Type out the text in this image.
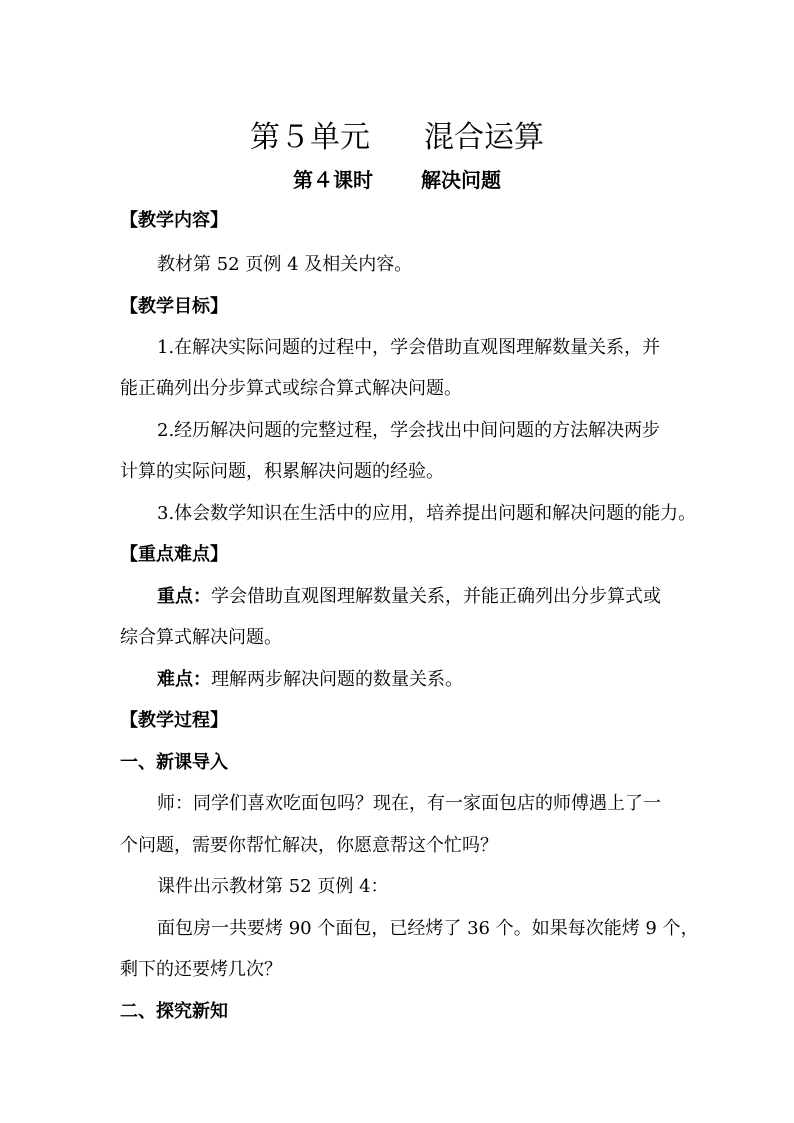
第５单元 混合运算
第４课时 解决问题
【教学内容】
教材第 52 页例 4 及相关内容。
【教学目标】
1.在解决实际问题的过程中，学会借助直观图理解数量关系，并
能正确列出分步算式或综合算式解决问题。
2.经历解决问题的完整过程，学会找出中间问题的方法解决两步
计算的实际问题，积累解决问题的经验。
3.体会数学知识在生活中的应用，培养提出问题和解决问题的能力。
【重点难点】
重点：学会借助直观图理解数量关系，并能正确列出分步算式或
综合算式解决问题。
难点：理解两步解决问题的数量关系。
【教学过程】
一、新课导入
师：同学们喜欢吃面包吗？现在，有一家面包店的师傅遇上了一
个问题，需要你帮忙解决，你愿意帮这个忙吗？
课件出示教材第 52 页例 4：
面包房一共要烤 90 个面包，已经烤了 36 个。如果每次能烤 9 个，
剩下的还要烤几次？
二、探究新知
